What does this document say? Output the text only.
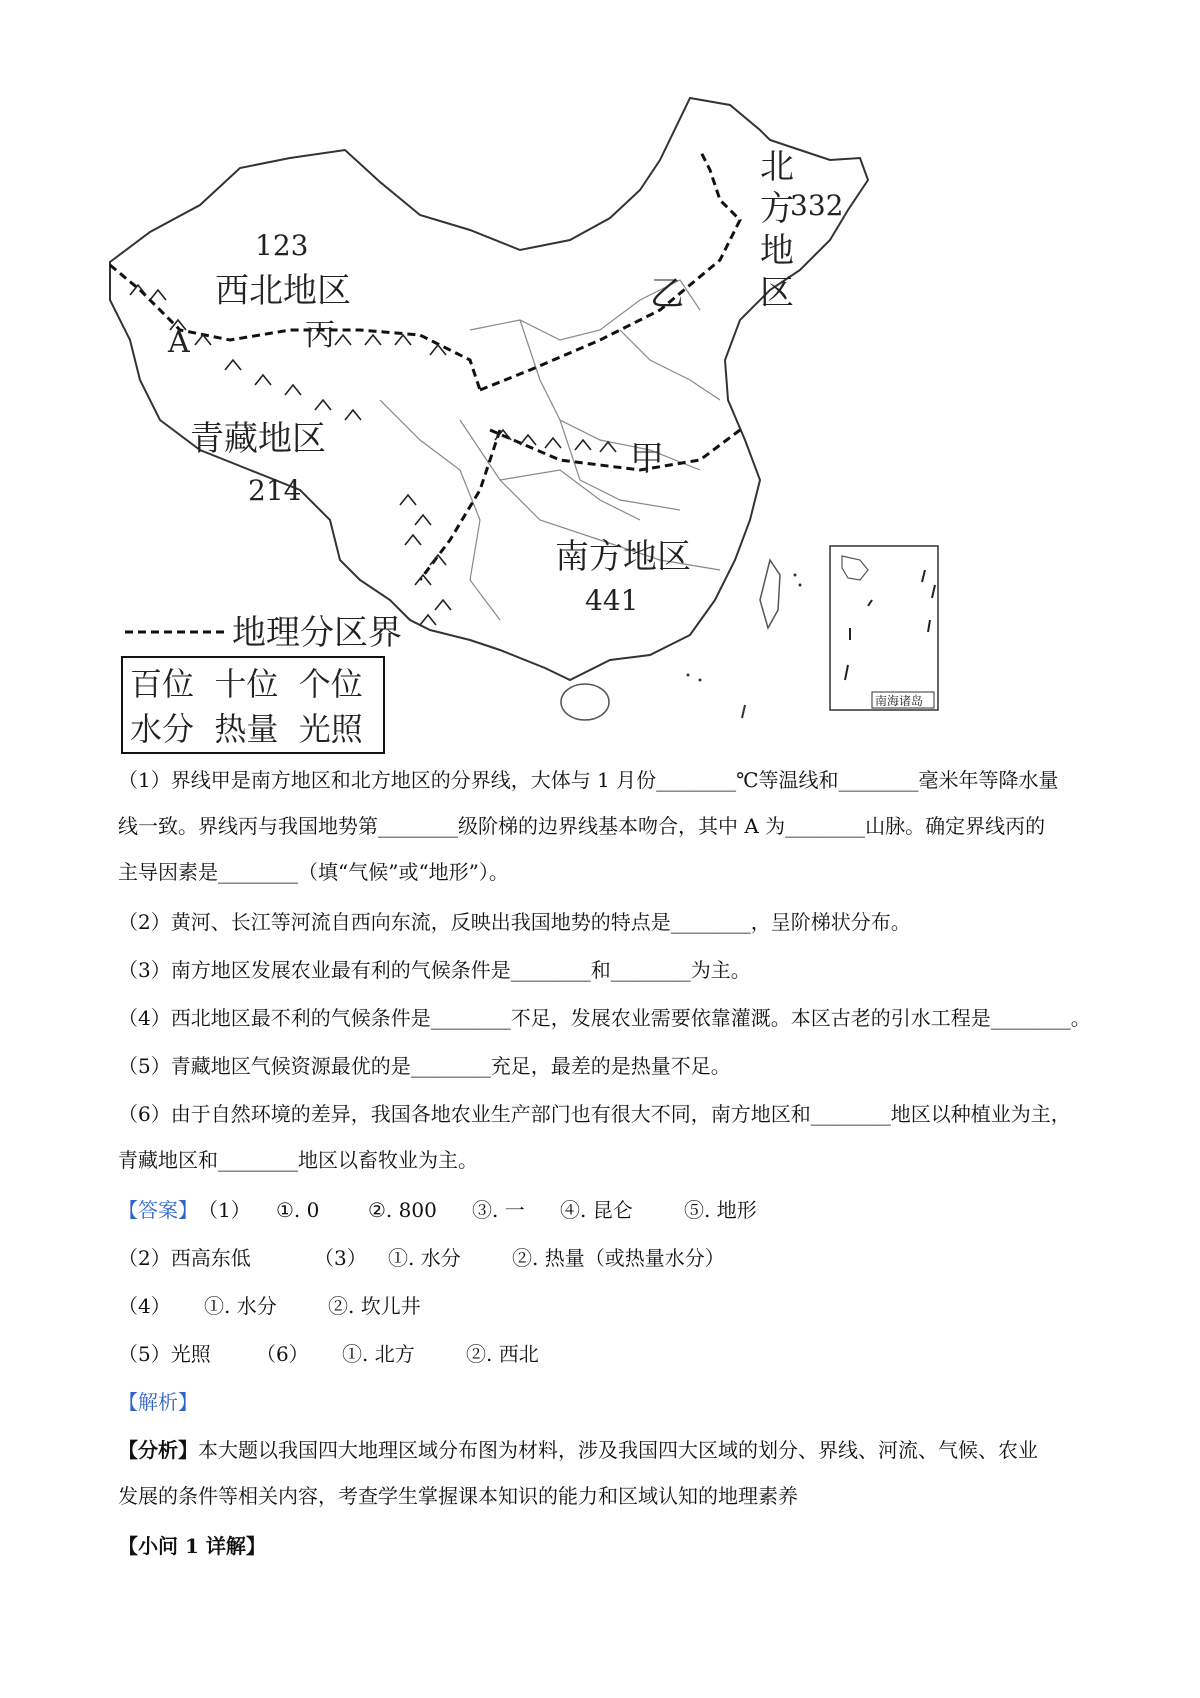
123
西北地区
青藏地区
214
南方地区
441
北
方
332
地
区
乙
丙
A
甲
地理分区界
百位  十位  个位
水分  热量  光照
南海诸岛
（1）界线甲是南方地区和北方地区的分界线，大体与 1 月份________℃等温线和________毫米年等降水量
线一致。界线丙与我国地势第________级阶梯的边界线基本吻合，其中 A 为________山脉。确定界线丙的
主导因素是________（填“气候”或“地形”）。
（2）黄河、长江等河流自西向东流，反映出我国地势的特点是________，呈阶梯状分布。
（3）南方地区发展农业最有利的气候条件是________和________为主。
（4）西北地区最不利的气候条件是________不足，发展农业需要依靠灌溉。本区古老的引水工程是________。
（5）青藏地区气候资源最优的是________充足，最差的是热量不足。
（6）由于自然环境的差异，我国各地农业生产部门也有很大不同，南方地区和________地区以种植业为主，
青藏地区和________地区以畜牧业为主。
【答案】（1） ①. 0 ②. 800 ③. 一 ④. 昆仑	⑤. 地形
（2）西高东低	（3） ①. 水分	②. 热量（或热量水分）
（4） ①. 水分	②. 坎儿井
（5）光照 （6） ①. 北方	②. 西北
【解析】
【分析】本大题以我国四大地理区域分布图为材料，涉及我国四大区域的划分、界线、河流、气候、农业
发展的条件等相关内容，考查学生掌握课本知识的能力和区域认知的地理素养
【小问 1 详解】
